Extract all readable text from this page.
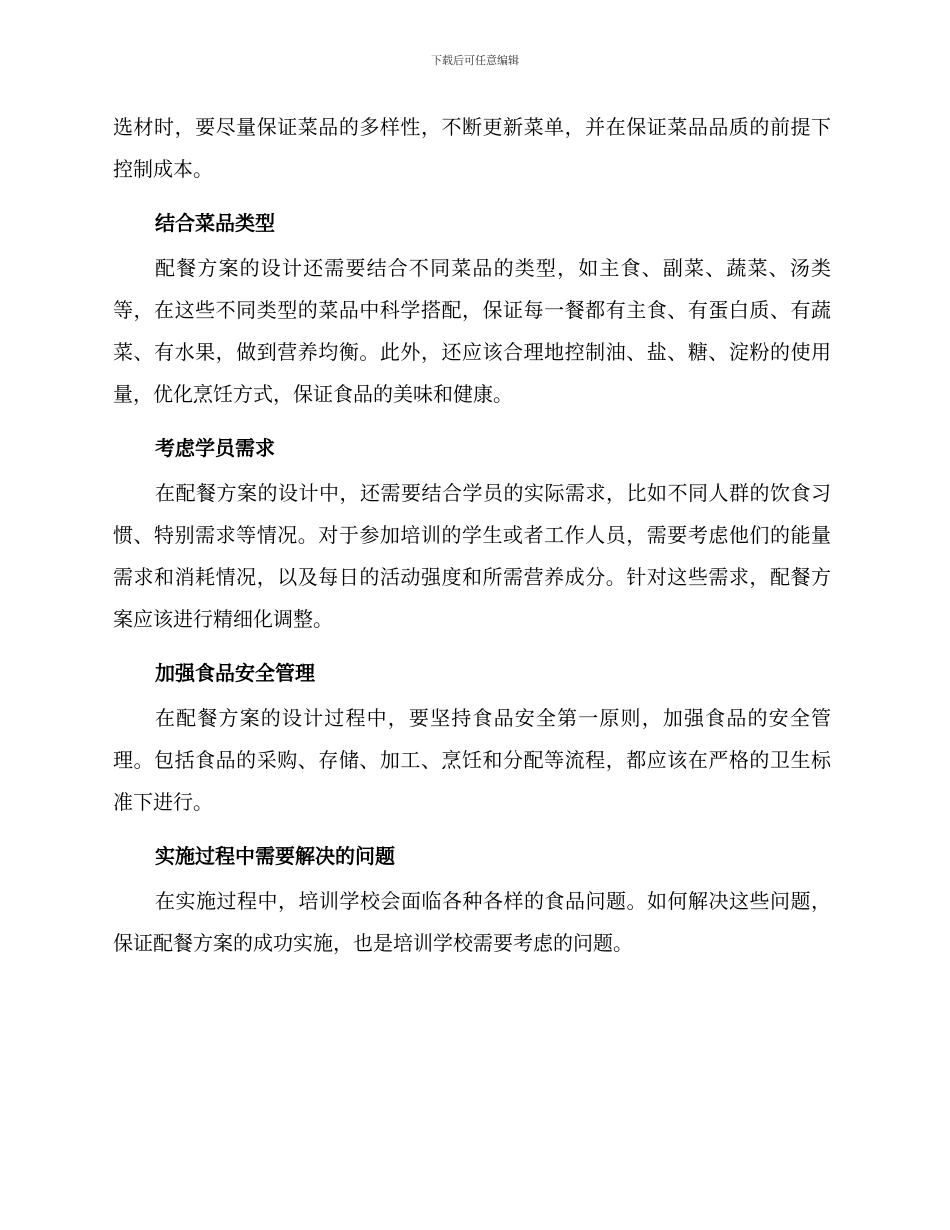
下载后可任意编辑

选材时，要尽量保证菜品的多样性，不断更新菜单，并在保证菜品品质的前提下控制成本。

结合菜品类型

配餐方案的设计还需要结合不同菜品的类型，如主食、副菜、蔬菜、汤类等，在这些不同类型的菜品中科学搭配，保证每一餐都有主食、有蛋白质、有蔬菜、有水果，做到营养均衡。此外，还应该合理地控制油、盐、糖、淀粉的使用量，优化烹饪方式，保证食品的美味和健康。

考虑学员需求

在配餐方案的设计中，还需要结合学员的实际需求，比如不同人群的饮食习惯、特别需求等情况。对于参加培训的学生或者工作人员，需要考虑他们的能量需求和消耗情况，以及每日的活动强度和所需营养成分。针对这些需求，配餐方案应该进行精细化调整。

加强食品安全管理

在配餐方案的设计过程中，要坚持食品安全第一原则，加强食品的安全管理。包括食品的采购、存储、加工、烹饪和分配等流程，都应该在严格的卫生标准下进行。

实施过程中需要解决的问题

在实施过程中，培训学校会面临各种各样的食品问题。如何解决这些问题，保证配餐方案的成功实施，也是培训学校需要考虑的问题。
